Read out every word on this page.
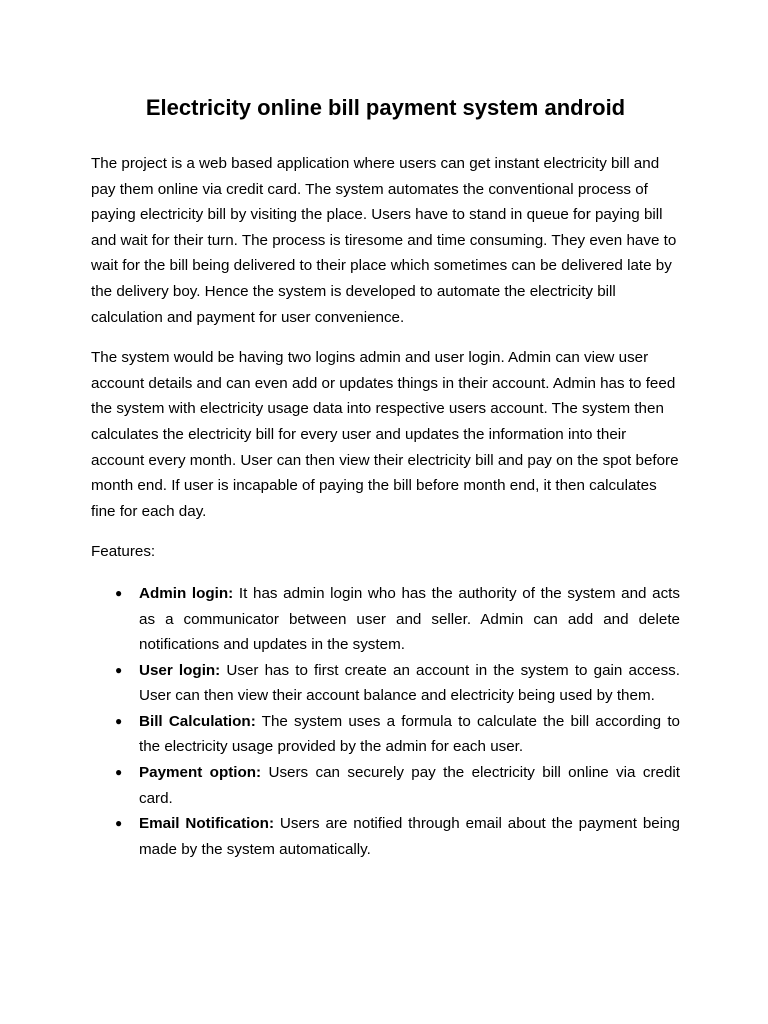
Electricity online bill payment system android

The project is a web based application where users can get instant electricity bill and pay them online via credit card. The system automates the conventional process of paying electricity bill by visiting the place. Users have to stand in queue for paying bill and wait for their turn. The process is tiresome and time consuming. They even have to wait for the bill being delivered to their place which sometimes can be delivered late by the delivery boy. Hence the system is developed to automate the electricity bill calculation and payment for user convenience.

The system would be having two logins admin and user login. Admin can view user account details and can even add or updates things in their account. Admin has to feed the system with electricity usage data into respective users account. The system then calculates the electricity bill for every user and updates the information into their account every month. User can then view their electricity bill and pay on the spot before month end. If user is incapable of paying the bill before month end, it then calculates fine for each day.

Features:

● Admin login: It has admin login who has the authority of the system and acts as a communicator between user and seller. Admin can add and delete notifications and updates in the system.
● User login: User has to first create an account in the system to gain access. User can then view their account balance and electricity being used by them.
● Bill Calculation: The system uses a formula to calculate the bill according to the electricity usage provided by the admin for each user.
● Payment option: Users can securely pay the electricity bill online via credit card.
● Email Notification: Users are notified through email about the payment being made by the system automatically.
